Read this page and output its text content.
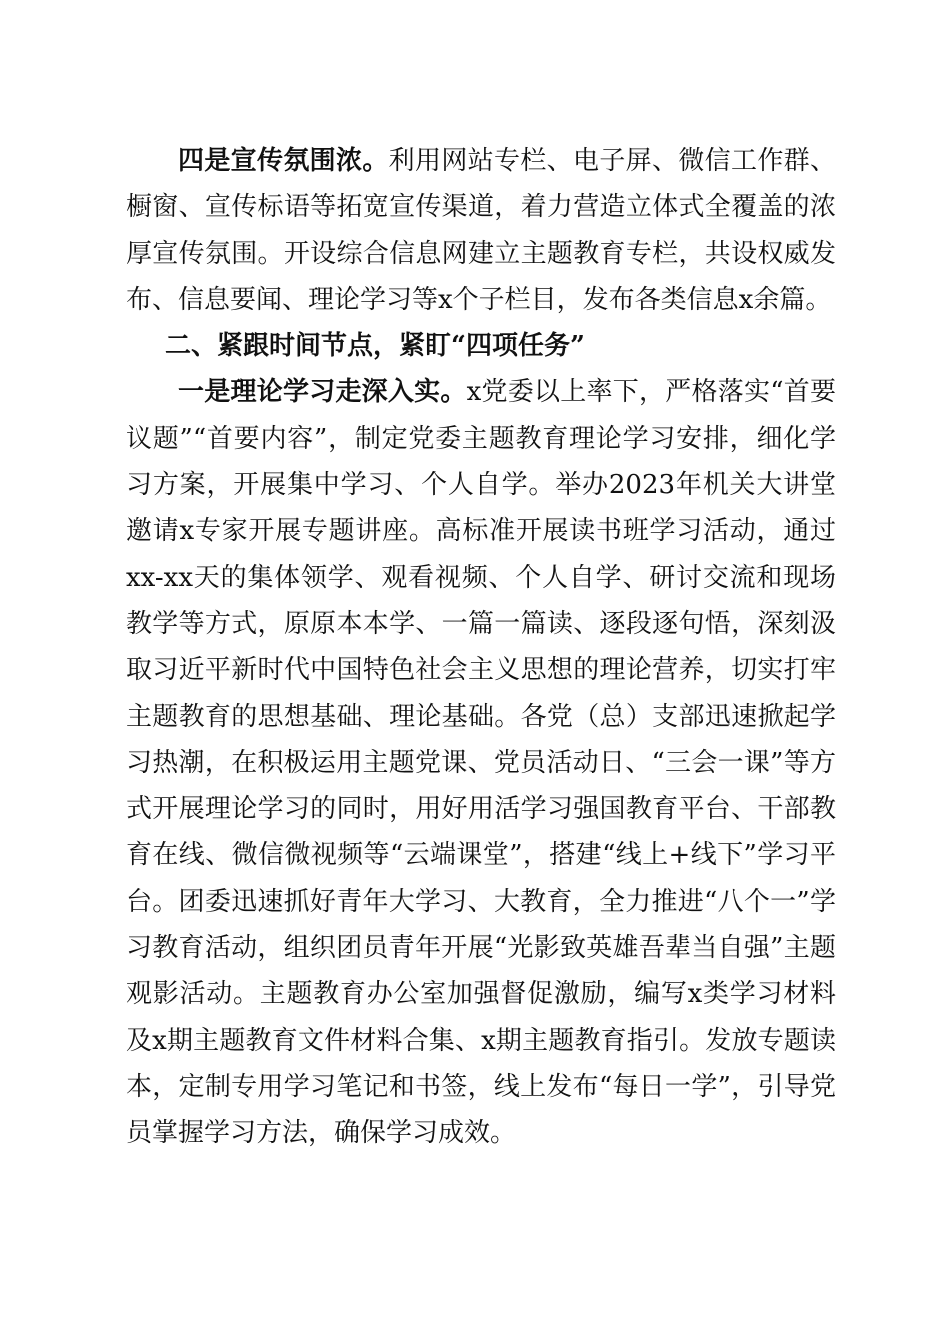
四是宣传氛围浓。利用网站专栏、电子屏、微信工作群、橱窗、宣传标语等拓宽宣传渠道，着力营造立体式全覆盖的浓厚宣传氛围。开设综合信息网建立主题教育专栏，共设权威发布、信息要闻、理论学习等x个子栏目，发布各类信息x余篇。

二、紧跟时间节点，紧盯“四项任务”

一是理论学习走深入实。x党委以上率下，严格落实“首要议题”“首要内容”，制定党委主题教育理论学习安排，细化学习方案，开展集中学习、个人自学。举办2023年机关大讲堂邀请x专家开展专题讲座。高标准开展读书班学习活动，通过xx-xx天的集体领学、观看视频、个人自学、研讨交流和现场教学等方式，原原本本学、一篇一篇读、逐段逐句悟，深刻汲取习近平新时代中国特色社会主义思想的理论营养，切实打牢主题教育的思想基础、理论基础。各党（总）支部迅速掀起学习热潮，在积极运用主题党课、党员活动日、“三会一课”等方式开展理论学习的同时，用好用活学习强国教育平台、干部教育在线、微信微视频等“云端课堂”，搭建“线上+线下”学习平台。团委迅速抓好青年大学习、大教育，全力推进“八个一”学习教育活动，组织团员青年开展“光影致英雄吾辈当自强”主题观影活动。主题教育办公室加强督促激励，编写x类学习材料及x期主题教育文件材料合集、x期主题教育指引。发放专题读本，定制专用学习笔记和书签，线上发布“每日一学”，引导党员掌握学习方法，确保学习成效。
